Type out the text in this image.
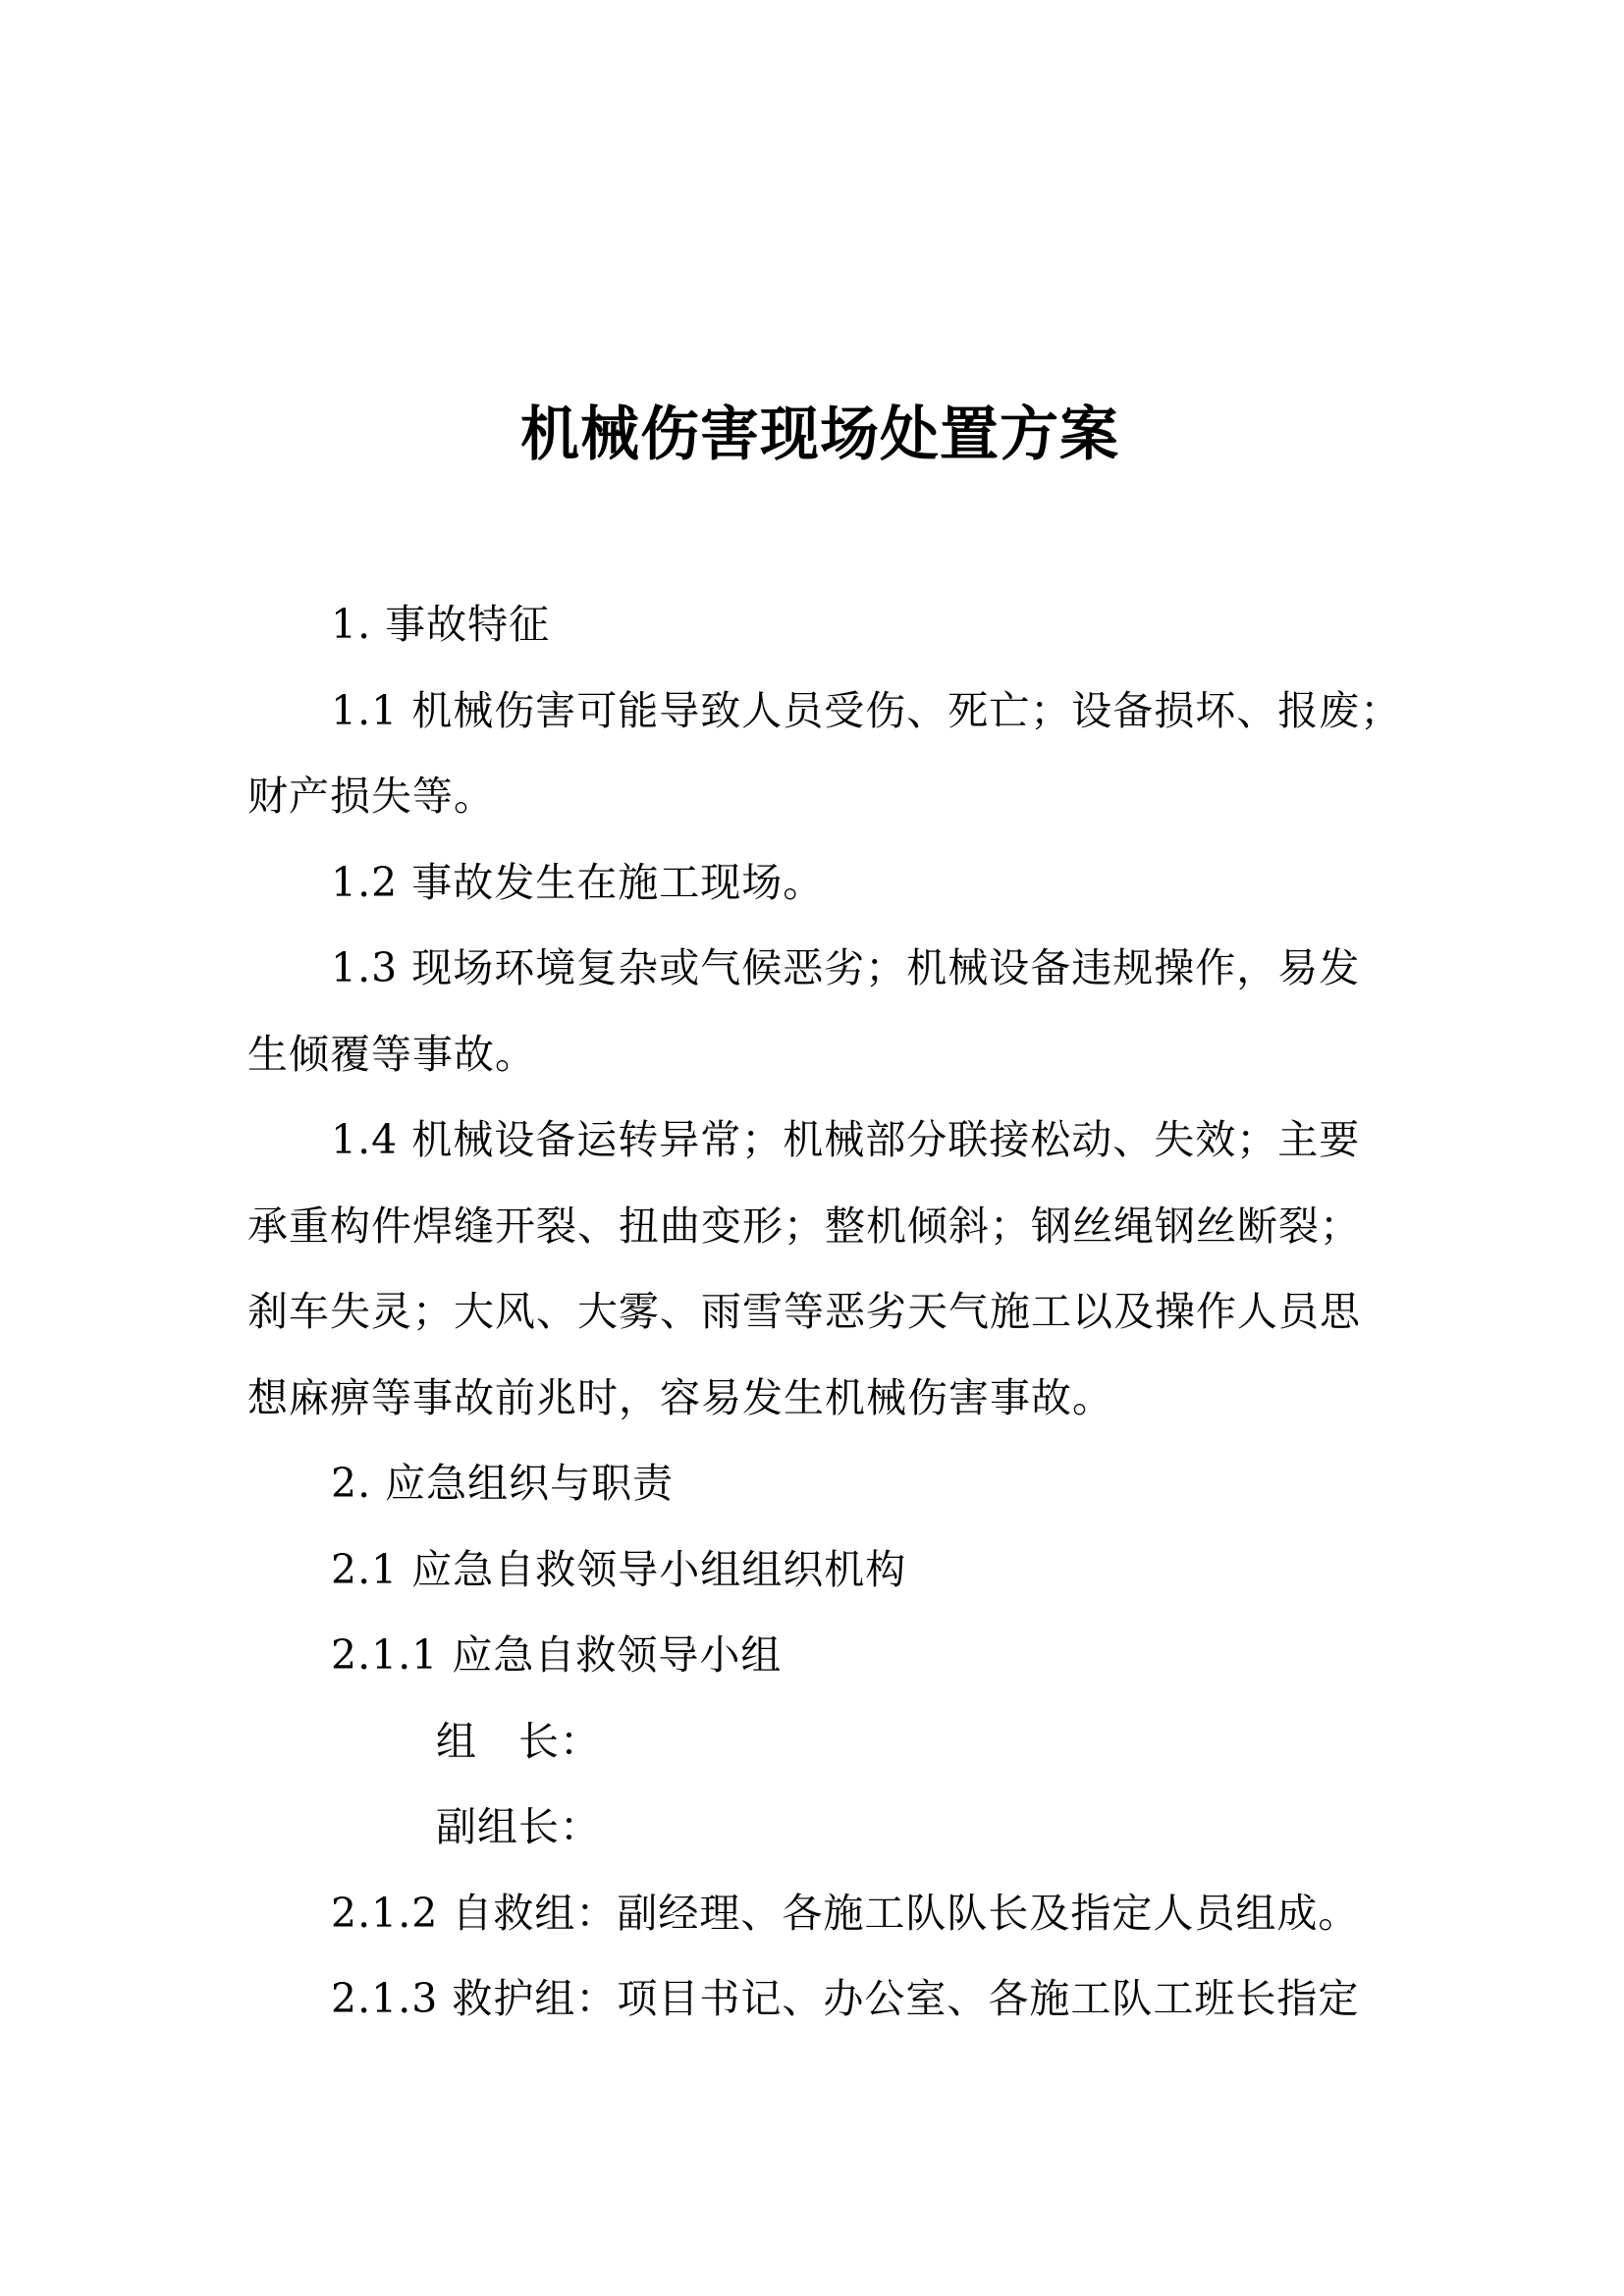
机械伤害现场处置方案
1. 事故特征
1.1 机械伤害可能导致人员受伤、死亡；设备损坏、报废；
财产损失等。
1.2 事故发生在施工现场。
1.3 现场环境复杂或气候恶劣；机械设备违规操作，易发
生倾覆等事故。
1.4 机械设备运转异常；机械部分联接松动、失效；主要
承重构件焊缝开裂、扭曲变形；整机倾斜；钢丝绳钢丝断裂；
刹车失灵；大风、大雾、雨雪等恶劣天气施工以及操作人员思
想麻痹等事故前兆时，容易发生机械伤害事故。
2. 应急组织与职责
2.1 应急自救领导小组组织机构
2.1.1 应急自救领导小组
组　长：
副组长：
2.1.2 自救组：副经理、各施工队队长及指定人员组成。
2.1.3 救护组：项目书记、办公室、各施工队工班长指定
